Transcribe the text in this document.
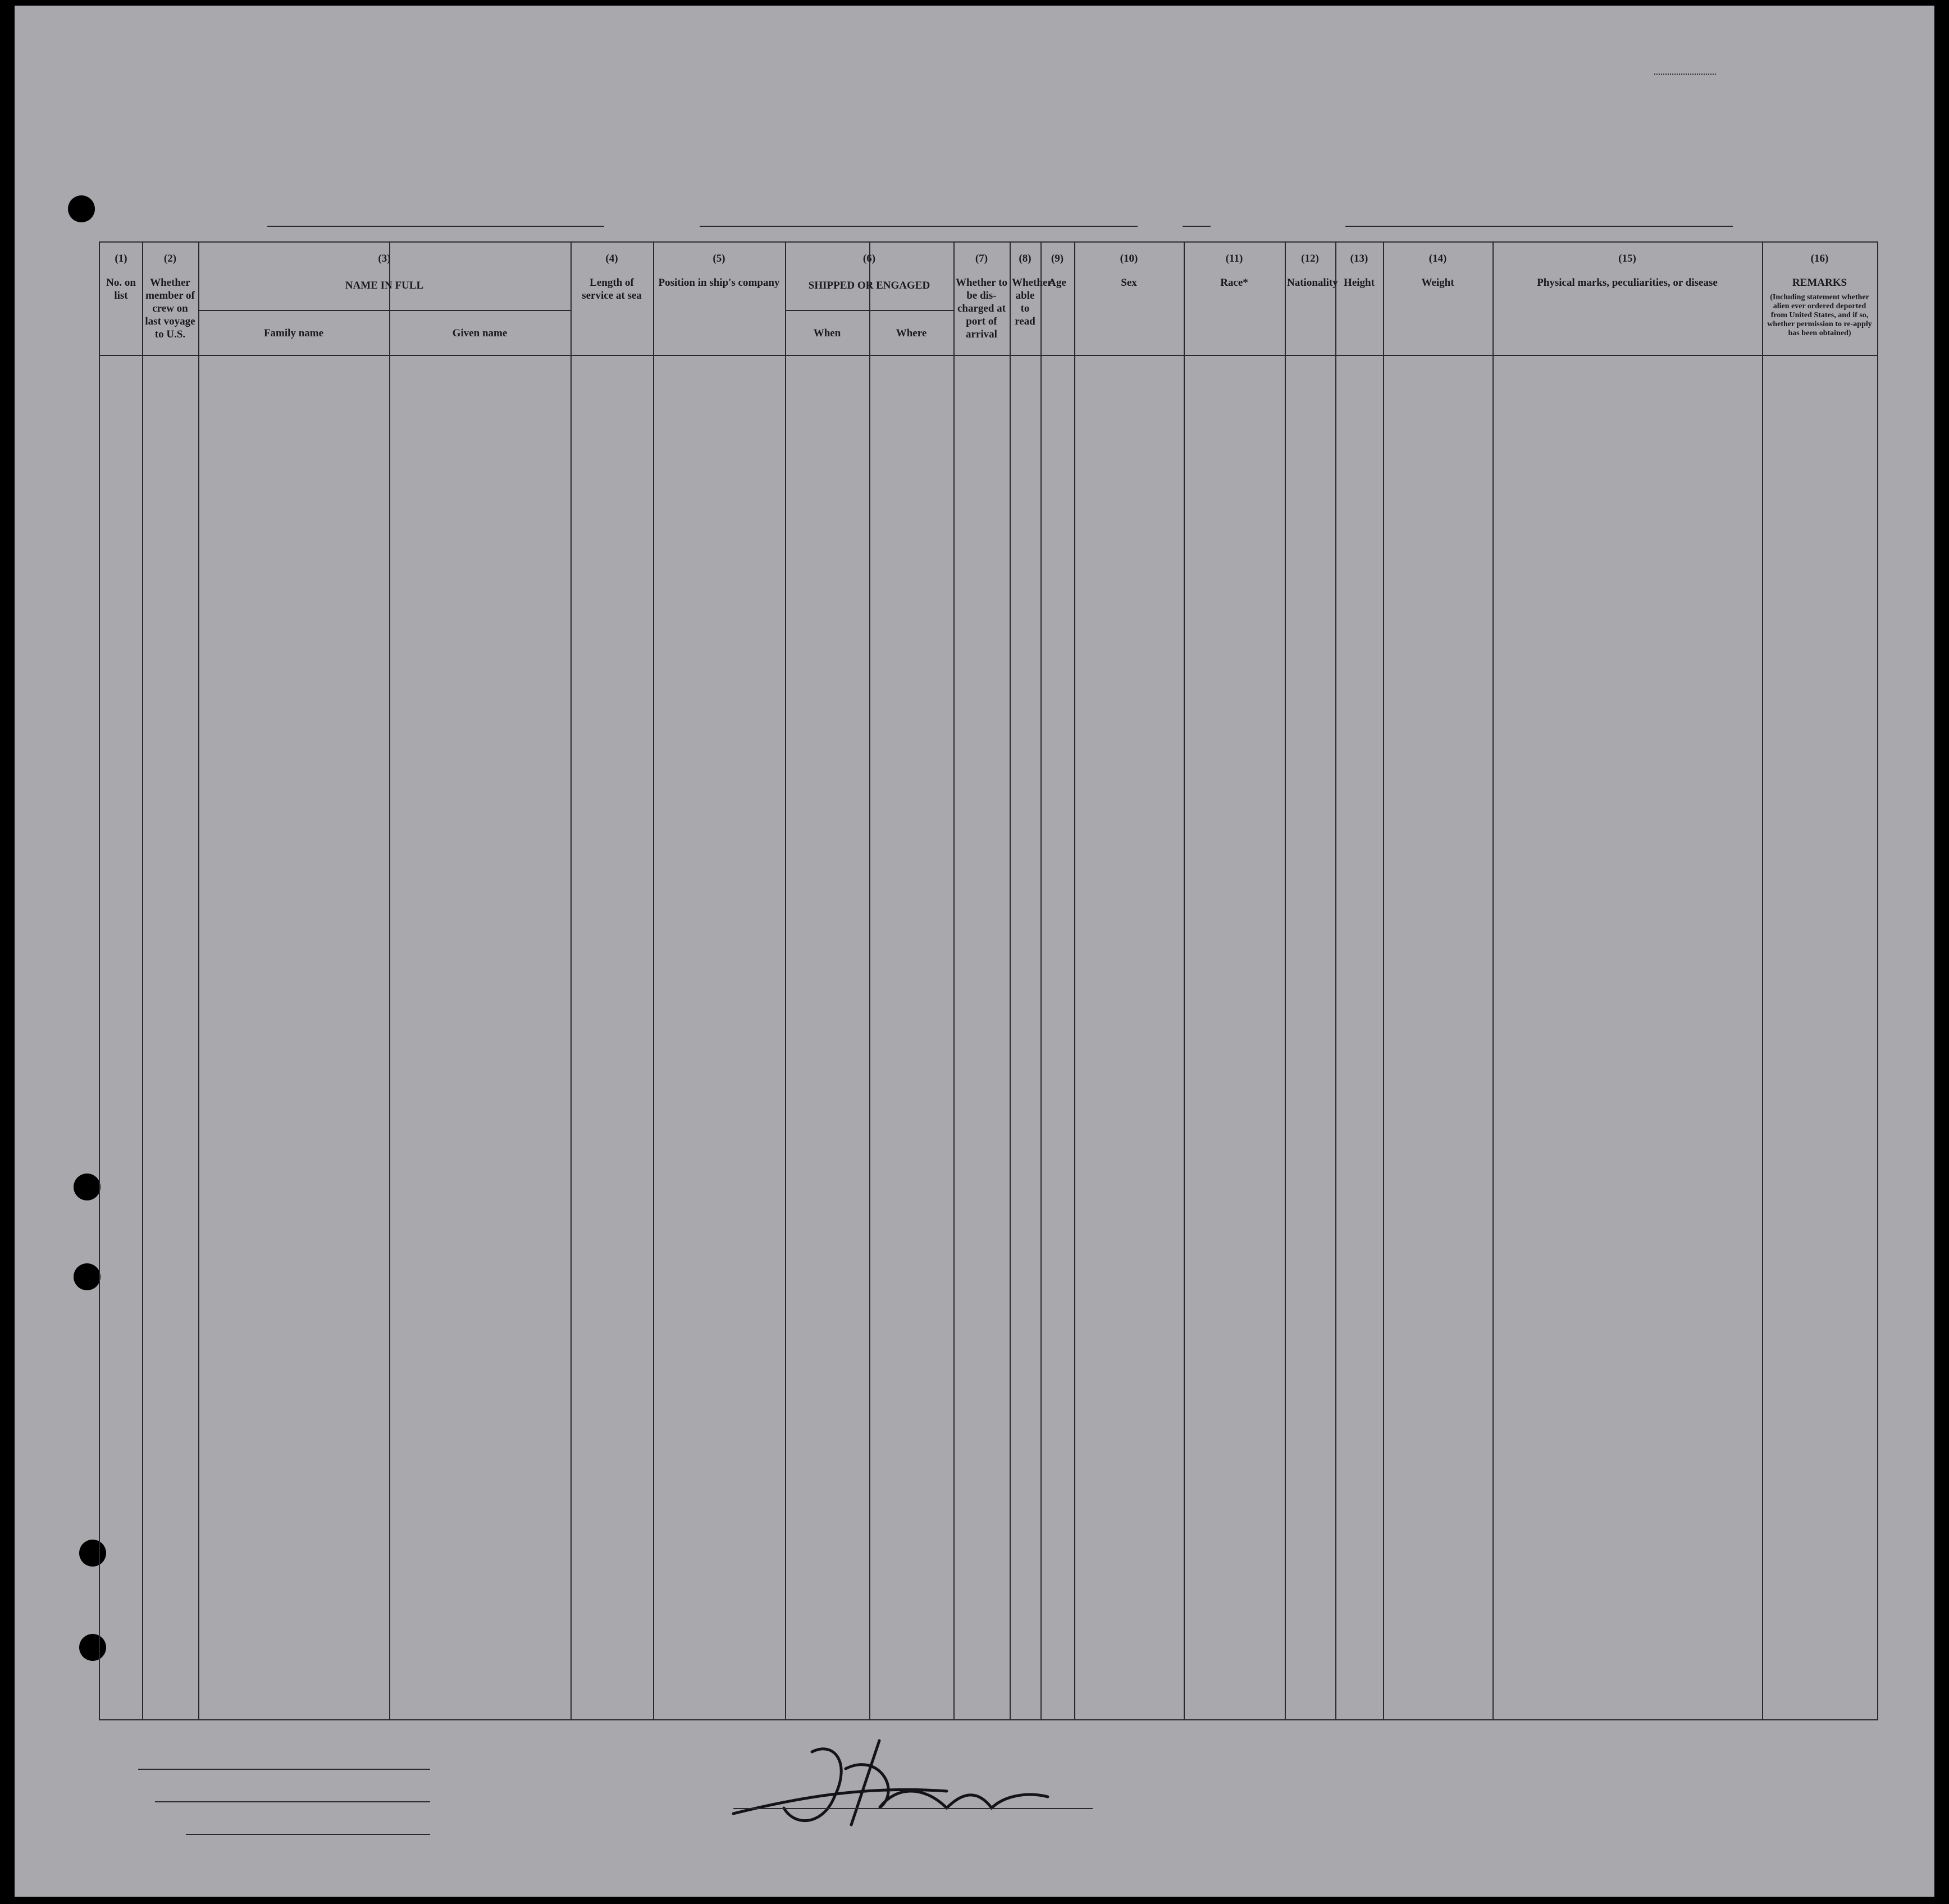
(1)
No. on list
(2)
Whether member of crew on last voyage to U.S.
(3)
NAME IN FULL
Family name	Given name
(4)
Length of service at sea
(5)
Position in ship's company
(6)
SHIPPED OR ENGAGED
When	Where
(7)
Whether to be dis-charged at port of arrival
(8)
Whether able to read
(9)
Age
(10)
Sex
(11)
Race*
(12)
Nationality
(13)
Height
(14)
Weight
(15)
Physical marks, peculiarities, or disease
(16)
REMARKS
(Including statement whether alien ever ordered deported from United States, and if so, whether permission to re-apply has been obtained)
